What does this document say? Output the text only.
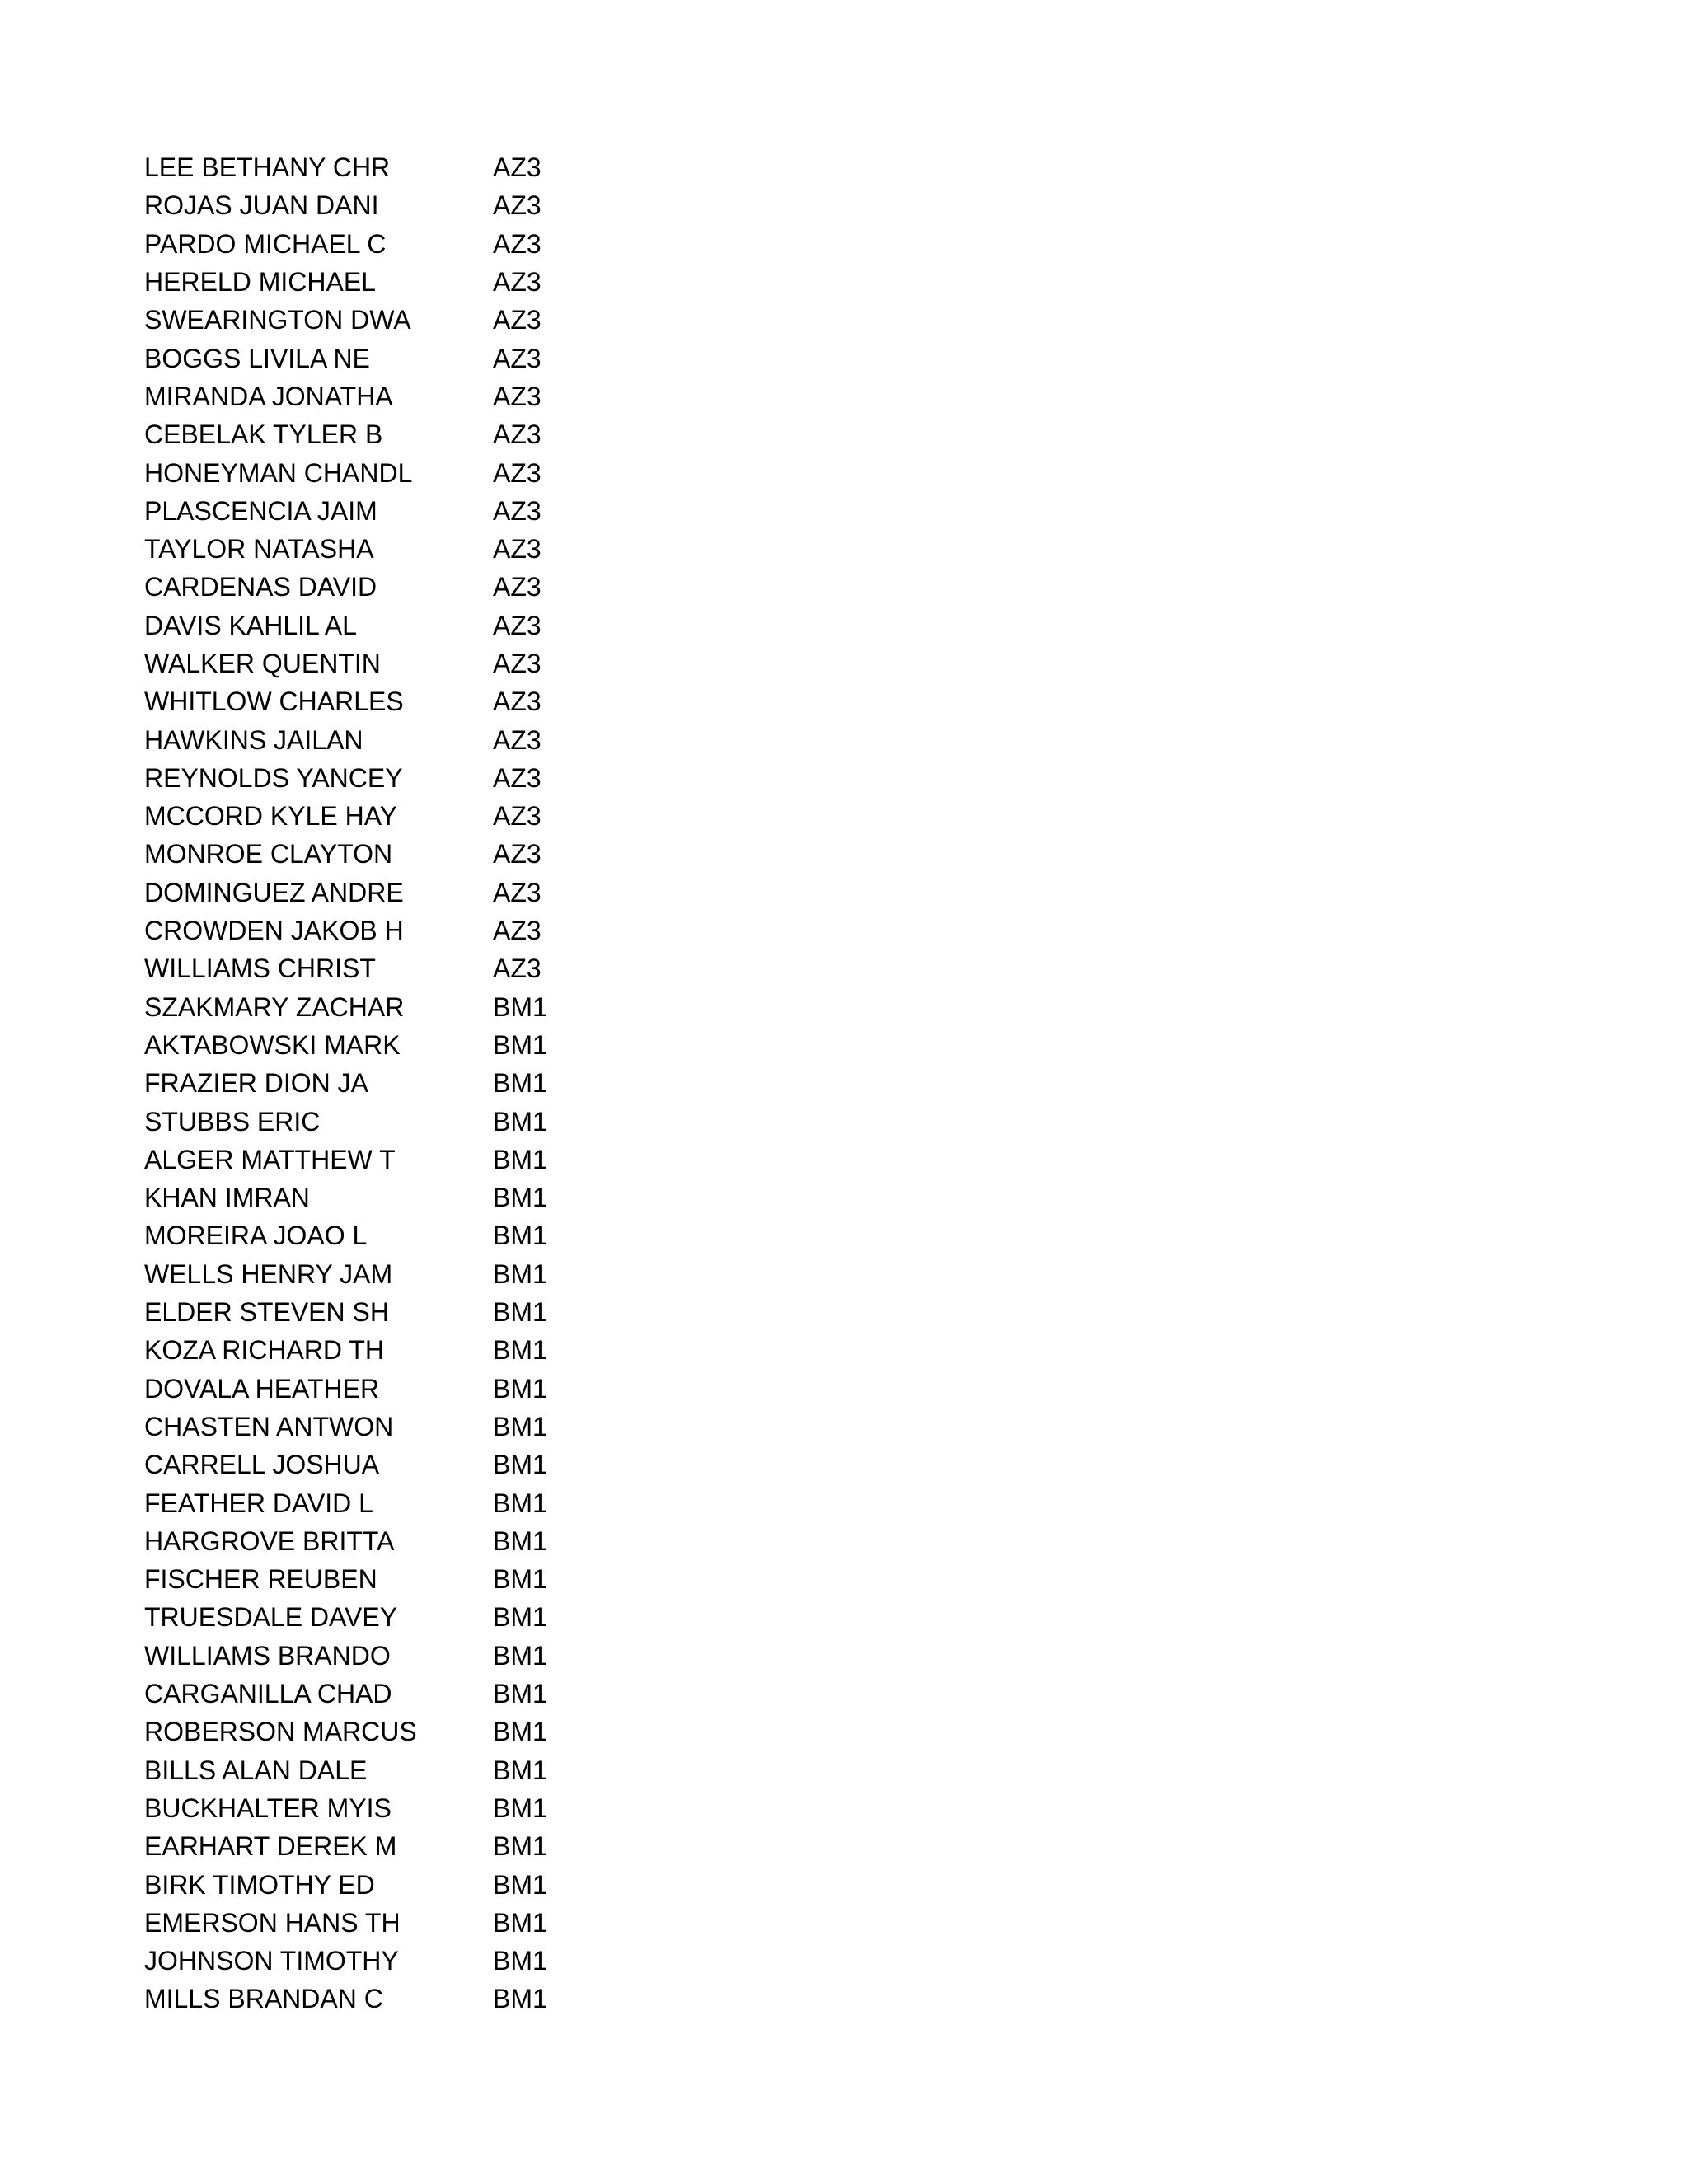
LEE BETHANY CHR	AZ3
ROJAS JUAN DANI	AZ3
PARDO MICHAEL C	AZ3
HERELD MICHAEL	AZ3
SWEARINGTON DWA	AZ3
BOGGS LIVILA NE	AZ3
MIRANDA JONATHA	AZ3
CEBELAK TYLER B	AZ3
HONEYMAN CHANDL	AZ3
PLASCENCIA JAIM	AZ3
TAYLOR NATASHA	AZ3
CARDENAS DAVID	AZ3
DAVIS KAHLIL AL	AZ3
WALKER QUENTIN	AZ3
WHITLOW CHARLES	AZ3
HAWKINS JAILAN	AZ3
REYNOLDS YANCEY	AZ3
MCCORD KYLE HAY	AZ3
MONROE CLAYTON	AZ3
DOMINGUEZ ANDRE	AZ3
CROWDEN JAKOB H	AZ3
WILLIAMS CHRIST	AZ3
SZAKMARY ZACHAR	BM1
AKTABOWSKI MARK	BM1
FRAZIER DION JA	BM1
STUBBS ERIC	BM1
ALGER MATTHEW T	BM1
KHAN IMRAN	BM1
MOREIRA JOAO L	BM1
WELLS HENRY JAM	BM1
ELDER STEVEN SH	BM1
KOZA RICHARD TH	BM1
DOVALA HEATHER	BM1
CHASTEN ANTWON	BM1
CARRELL JOSHUA	BM1
FEATHER DAVID L	BM1
HARGROVE BRITTA	BM1
FISCHER REUBEN	BM1
TRUESDALE DAVEY	BM1
WILLIAMS BRANDO	BM1
CARGANILLA CHAD	BM1
ROBERSON MARCUS	BM1
BILLS ALAN DALE	BM1
BUCKHALTER MYIS	BM1
EARHART DEREK M	BM1
BIRK TIMOTHY ED	BM1
EMERSON HANS TH	BM1
JOHNSON TIMOTHY	BM1
MILLS BRANDAN C	BM1
